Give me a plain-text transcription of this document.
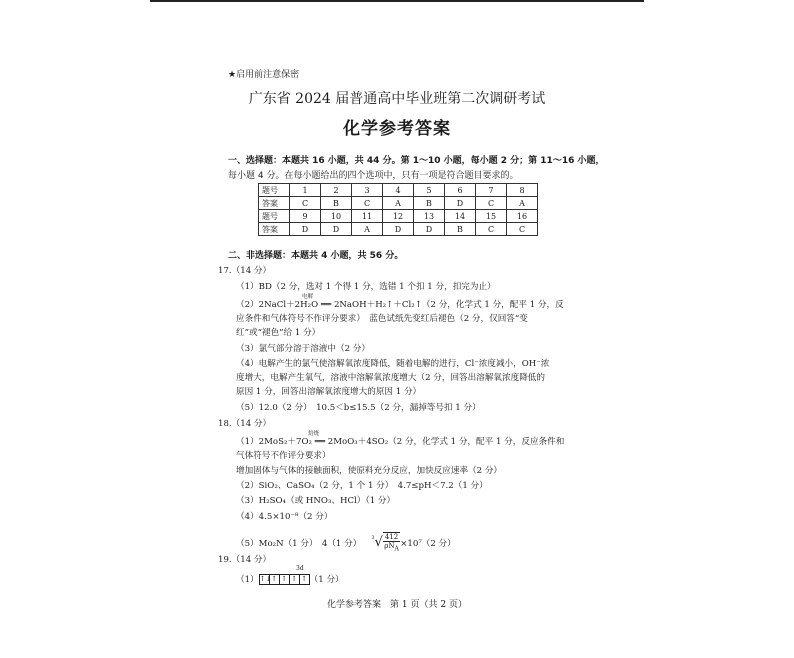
★启用前注意保密
广东省 2024 届普通高中毕业班第二次调研考试
化学参考答案
一、选择题：本题共 16 小题，共 44 分。第 1～10 小题，每小题 2 分；第 11～16 小题，
每小题 4 分。在每小题给出的四个选项中，只有一项是符合题目要求的。
题号	1	2	3	4	5	6	7	8
答案	C	B	C	A	B	D	C	A
题号	9	10	11	12	13	14	15	16
答案	D	D	A	D	D	B	C	C
二、非选择题：本题共 4 小题，共 56 分。
17.（14 分）
（1）BD（2 分，选对 1 个得 1 分，选错 1 个扣 1 分，扣完为止）
电解
（2）2NaCl＋2H₂O ══ 2NaOH＋H₂↑＋Cl₂↑（2 分，化学式 1 分，配平 1 分，反
应条件和气体符号不作评分要求）　蓝色试纸先变红后褪色（2 分，仅回答“变
红”或“褪色”给 1 分）
（3）氯气部分溶于溶液中（2 分）
（4）电解产生的氯气使溶解氧浓度降低，随着电解的进行，Cl⁻浓度减小，OH⁻浓
度增大，电解产生氧气，溶液中溶解氧浓度增大（2 分，回答出溶解氧浓度降低的
原因 1 分，回答出溶解氧浓度增大的原因 1 分）
（5）12.0（2 分）　10.5＜b≤15.5（2 分，漏掉等号扣 1 分）
18.（14 分）
焙烧
（1）2MoS₂＋7O₂ ══ 2MoO₃＋4SO₂（2 分，化学式 1 分，配平 1 分，反应条件和
气体符号不作评分要求）
增加固体与气体的接触面积，使原料充分反应，加快反应速率（2 分）
（2）SiO₂、CaSO₄（2 分，1 个 1 分）　4.7≤pH＜7.2（1 分）
（3）H₂SO₄（或 HNO₃、HCl）（1 分）
（4）4.5×10⁻⁸（2 分）
（5）Mo₂N（1 分）　4（1 分）
3 √ $\frac{412}{\text{ρNA}} \times 10^7(2$ 分）
19.（14 分）
3d
（1） ↑↓ ↑ ↑ ↑ ↑ （1 分）
化学参考答案　第 1 页（共 2 页）
